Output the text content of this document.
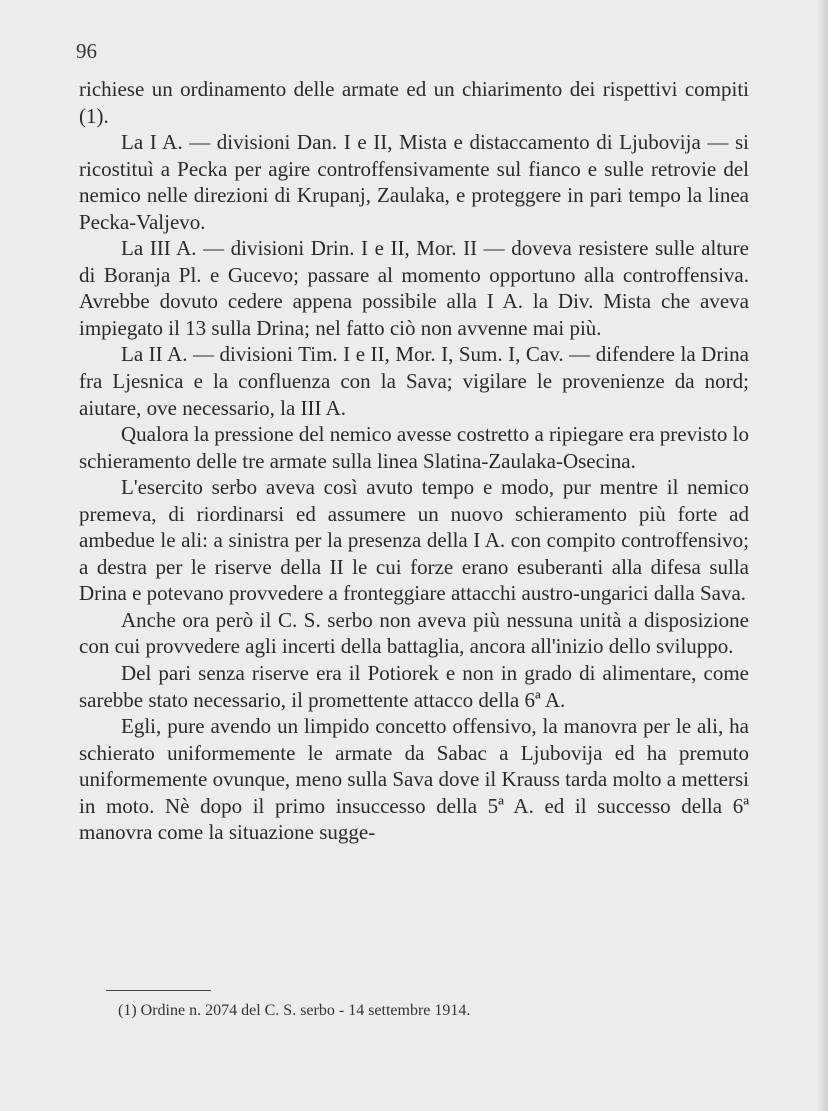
96

richiese un ordinamento delle armate ed un chiarimento dei rispettivi compiti (1).

La I A. — divisioni Dan. I e II, Mista e distaccamento di Ljubovija — si ricostituì a Pecka per agire controffensivamente sul fianco e sulle retrovie del nemico nelle direzioni di Krupanj, Zaulaka, e proteggere in pari tempo la linea Pecka-Valjevo.

La III A. — divisioni Drin. I e II, Mor. II — doveva resistere sulle alture di Boranja Pl. e Gucevo; passare al momento opportuno alla controffensiva. Avrebbe dovuto cedere appena possibile alla I A. la Div. Mista che aveva impiegato il 13 sulla Drina; nel fatto ciò non avvenne mai più.

La II A. — divisioni Tim. I e II, Mor. I, Sum. I, Cav. — difendere la Drina fra Ljesnica e la confluenza con la Sava; vigilare le provenienze da nord; aiutare, ove necessario, la III A.

Qualora la pressione del nemico avesse costretto a ripiegare era previsto lo schieramento delle tre armate sulla linea Slatina-Zaulaka-Osecina.

L'esercito serbo aveva così avuto tempo e modo, pur mentre il nemico premeva, di riordinarsi ed assumere un nuovo schieramento più forte ad ambedue le ali: a sinistra per la presenza della I A. con compito controffensivo; a destra per le riserve della II le cui forze erano esuberanti alla difesa sulla Drina e potevano provvedere a fronteggiare attacchi austro-ungarici dalla Sava.

Anche ora però il C. S. serbo non aveva più nessuna unità a disposizione con cui provvedere agli incerti della battaglia, ancora all'inizio dello sviluppo.

Del pari senza riserve era il Potiorek e non in grado di alimentare, come sarebbe stato necessario, il promettente attacco della 6ª A.

Egli, pure avendo un limpido concetto offensivo, la manovra per le ali, ha schierato uniformemente le armate da Sabac a Ljubovija ed ha premuto uniformemente ovunque, meno sulla Sava dove il Krauss tarda molto a mettersi in moto. Nè dopo il primo insuccesso della 5ª A. ed il successo della 6ª manovra come la situazione sugge-

(1) Ordine n. 2074 del C. S. serbo - 14 settembre 1914.
